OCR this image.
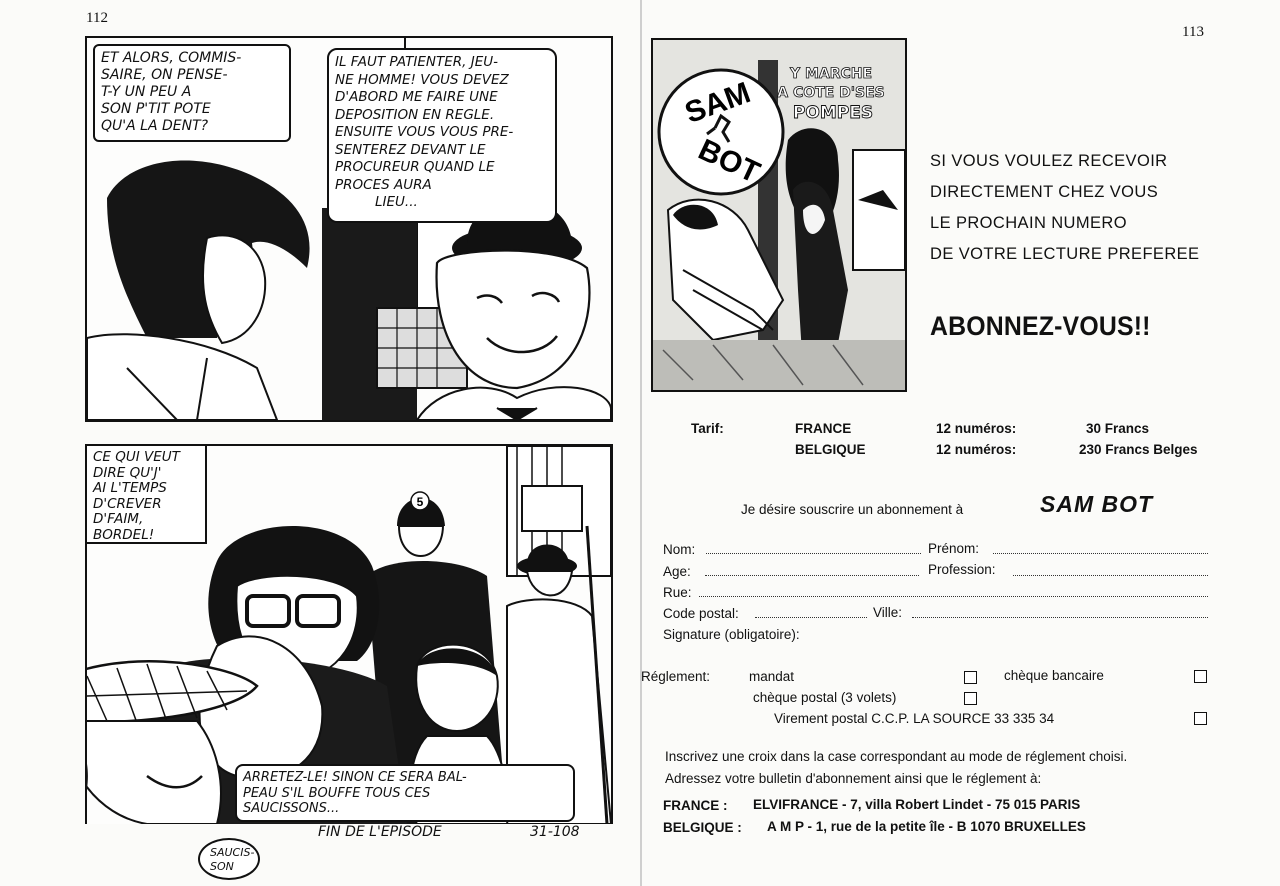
112
ET ALORS, COMMIS-
SAIRE, ON PENSE-
T-Y UN PEU A
SON P'TIT POTE
QU'A LA DENT?
IL FAUT PATIENTER, JEU-
NE HOMME! VOUS DEVEZ
D'ABORD ME FAIRE UNE
DEPOSITION EN REGLE.
ENSUITE VOUS VOUS PRE-
SENTEREZ DEVANT LE
PROCUREUR QUAND LE
PROCES AURA
LIEU...
5
CE QUI VEUT
DIRE QU'J'
AI L'TEMPS
D'CREVER
D'FAIM,
BORDEL!
ARRETEZ-LE! SINON CE SERA BAL-
PEAU S'IL BOUFFE TOUS CES
SAUCISSONS...
SAUCIS-
SON
FIN DE L'EPISODE	31-108
113
SAM
BOT
Y MARCHE
A COTE D'SES
POMPES
SI VOUS VOULEZ RECEVOIR
DIRECTEMENT CHEZ VOUS
LE PROCHAIN NUMERO
DE VOTRE LECTURE PREFEREE
ABONNEZ-VOUS!!
Tarif:	FRANCE	12 numéros:	30 Francs
BELGIQUE	12 numéros:	230 Francs Belges
Je désire souscrire un abonnement à	SAM BOT
Nom:	Prénom:
Age:	Profession:
Rue:
Code postal:	Ville:
Signature (obligatoire):
Réglement:	mandat	chèque bancaire
chèque postal (3 volets)
Virement postal C.C.P. LA SOURCE 33 335 34
Inscrivez une croix dans la case correspondant au mode de réglement choisi.
Adressez votre bulletin d'abonnement ainsi que le réglement à:
FRANCE : ELVIFRANCE - 7, villa Robert Lindet - 75 015 PARIS
BELGIQUE : A M P - 1, rue de la petite île - B 1070 BRUXELLES
